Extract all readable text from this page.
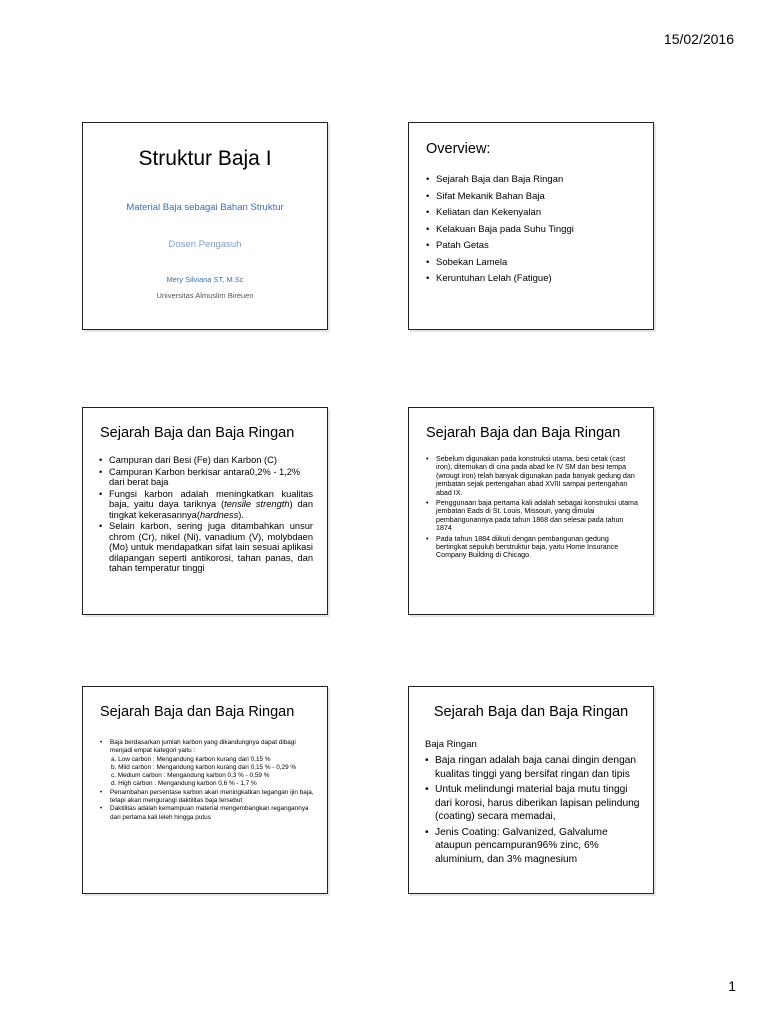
15/02/2016
Struktur Baja I
Material Baja sebagai Bahan Struktur
Dosen Pengasuh
Mery Silviana ST, M.Sc
Universitas Almuslim Bireuen
Overview:
• Sejarah Baja dan Baja Ringan
• Sifat Mekanik Bahan Baja
• Keliatan dan Kekenyalan
• Kelakuan Baja pada Suhu Tinggi
• Patah Getas
• Sobekan Lamela
• Keruntuhan Lelah (Fatigue)
Sejarah Baja dan Baja Ringan
• Campuran dari Besi (Fe) dan Karbon (C)
• Campuran Karbon berkisar antara0,2% - 1,2% dari berat baja
• Fungsi karbon adalah meningkatkan kualitas baja, yaitu daya tariknya (tensile strength) dan tingkat kekerasannya(hardness).
• Selain karbon, sering juga ditambahkan unsur chrom (Cr), nikel (Ni), vanadium (V), molybdaen (Mo) untuk mendapatkan sifat lain sesuai aplikasi dilapangan seperti antikorosi, tahan panas, dan tahan temperatur tinggi
Sejarah Baja dan Baja Ringan
• Sebelum digunakan pada konstruksi utama, besi cetak (cast iron), ditemukan di cina pada abad ke IV SM dan besi tempa (wrougt iron) telah banyak digunakan pada banyak gedung dan jembatan sejak pertengahan abad XVIII sampai pertengahan abad IX.
• Penggunaan baja pertama kali adalah sebagai konstruksi utama jembatan Eads di St. Louis, Missouri, yang dimulai pembangunannya pada tahun 1868 dan selesai pada tahun 1874
• Pada tahun 1884 diikuti dengan pembangunan gedung bertingkat sepuluh berstruktur baja, yaitu Home Insurance Company Building di Chicago.
Sejarah Baja dan Baja Ringan
• Baja berdasarkan jumlah karbon yang dikandungnya dapat dibagi menjadi empat kategori yaitu :
a. Low carbon : Mengandung karbon kurang dari 0,15 %
b. Mild carbon : Mengandung karbon kurang dari 0,15 % - 0,29 %
c. Medium carbon : Mengandung karbon 0,3 % - 0,59 %
d. High carbon : Mengandung karbon 0,6 % - 1,7 %
• Penambahan persentase karbon akan meningkatkan tegangan ijin baja, tetapi akan mengurangi daktilitas baja tersebut
• Daktilitas adalah kemampuan material mengembangkan regangannya dari pertama kali leleh hingga putus
Sejarah Baja dan Baja Ringan
Baja Ringan
• Baja ringan adalah baja canai dingin dengan kualitas tinggi yang bersifat ringan dan tipis
• Untuk melindungi material baja mutu tinggi dari korosi, harus diberikan lapisan pelindung (coating) secara memadai,
• Jenis Coating: Galvanized, Galvalume ataupun pencampuran96% zinc, 6% aluminium, dan 3% magnesium
1
